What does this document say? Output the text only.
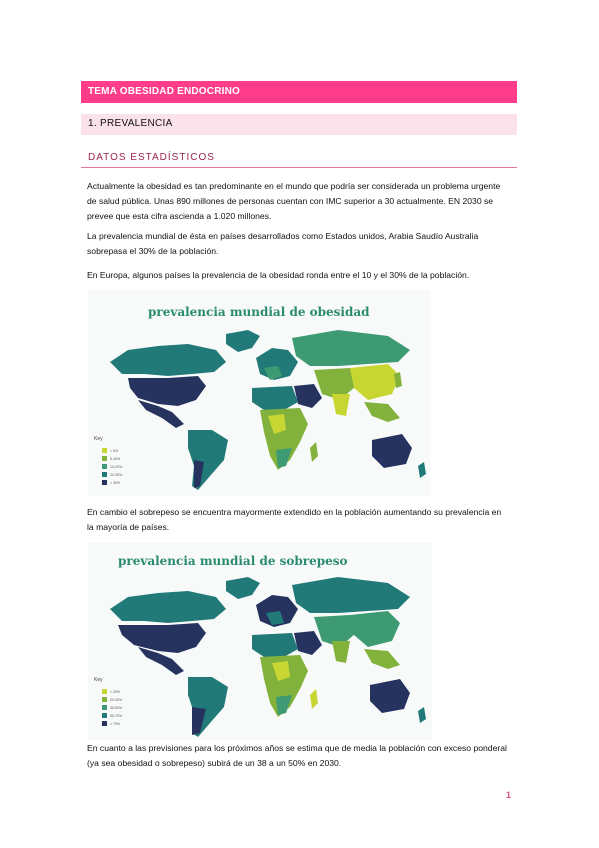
TEMA OBESIDAD ENDOCRINO
1. PREVALENCIA
DATOS ESTADÍSTICOS

Actualmente la obesidad es tan predominante en el mundo que podría ser considerada un problema urgente de salud pública. Unas 890 millones de personas cuentan con IMC superior a 30 actualmente. EN 2030 se prevee que esta cifra ascienda a 1.020 millones.

La prevalencia mundial de ésta en países desarrollados como Estados unidos, Arabia Saudío Australia sobrepasa el 30% de la población.

En Europa, algunos países la prevalencia de la obesidad ronda entre el 10 y el 30% de la población.

prevalencia mundial de obesidad
Key
< 5%
5-10%
10-20%
20-30%
> 30%

En cambio el sobrepeso se encuentra mayormente extendido en la población aumentando su prevalencia en la mayoría de países.

prevalencia mundial de sobrepeso
Key
< 20%
20-30%
30-50%
50-70%
> 70%

En cuanto a las previsiones para los próximos años se estima que de media la población con exceso ponderal (ya sea obesidad o sobrepeso) subirá de un 38 a un 50% en 2030.

1
